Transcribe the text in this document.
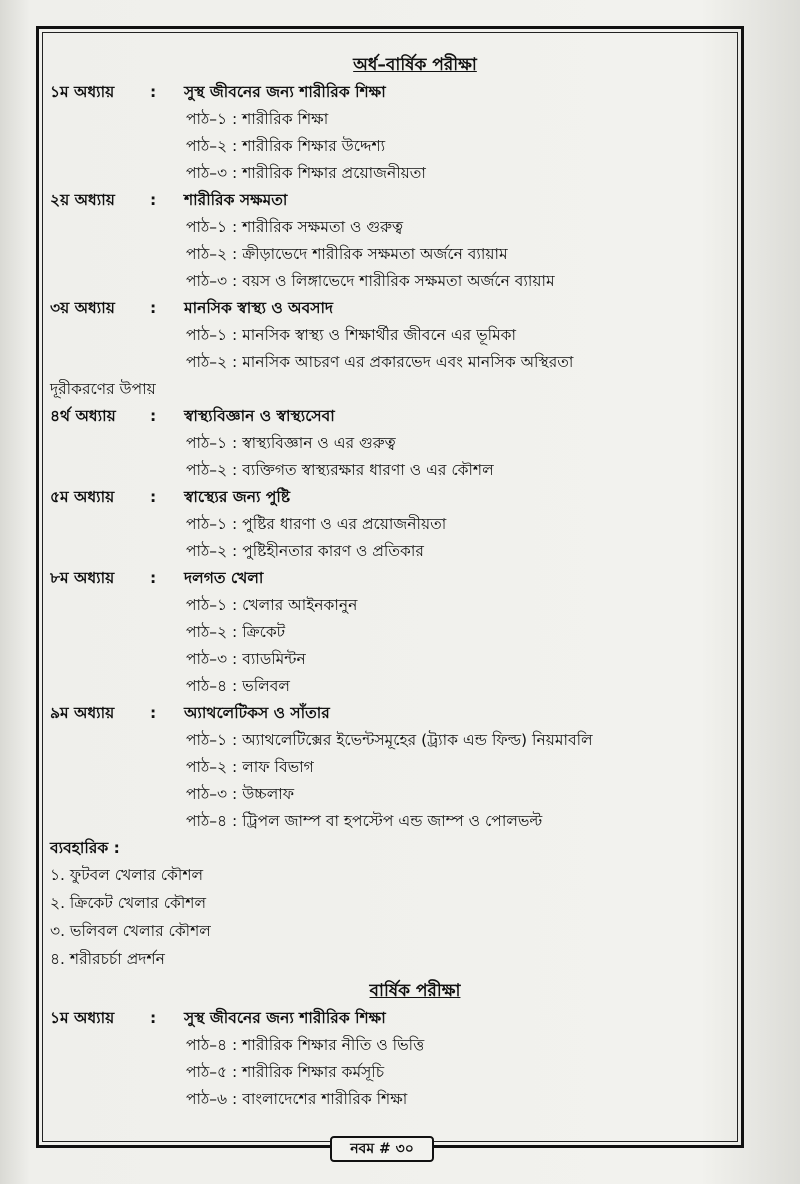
অর্ধ–বার্ষিক পরীক্ষা
১ম অধ্যায়	:	সুস্থ জীবনের জন্য শারীরিক শিক্ষা
পাঠ–১ : শারীরিক শিক্ষা
পাঠ–২ : শারীরিক শিক্ষার উদ্দেশ্য
পাঠ–৩ : শারীরিক শিক্ষার প্রয়োজনীয়তা
২য় অধ্যায়	:	শারীরিক সক্ষমতা
পাঠ–১ : শারীরিক সক্ষমতা ও গুরুত্ব
পাঠ–২ : ক্রীড়াভেদে শারীরিক সক্ষমতা অর্জনে ব্যায়াম
পাঠ–৩ : বয়স ও লিঙ্গাভেদে শারীরিক সক্ষমতা অর্জনে ব্যায়াম
৩য় অধ্যায়	:	মানসিক স্বাস্থ্য ও অবসাদ
পাঠ–১ : মানসিক স্বাস্থ্য ও শিক্ষার্থীর জীবনে এর ভূমিকা
পাঠ–২ : মানসিক আচরণ এর প্রকারভেদ এবং মানসিক অস্থিরতা
দূরীকরণের উপায়
৪র্থ অধ্যায়	:	স্বাস্থ্যবিজ্ঞান ও স্বাস্থ্যসেবা
পাঠ–১ : স্বাস্থ্যবিজ্ঞান ও এর গুরুত্ব
পাঠ–২ : ব্যক্তিগত স্বাস্থ্যরক্ষার ধারণা ও এর কৌশল
৫ম অধ্যায়	:	স্বাস্থ্যের জন্য পুষ্টি
পাঠ–১ : পুষ্টির ধারণা ও এর প্রয়োজনীয়তা
পাঠ–২ : পুষ্টিহীনতার কারণ ও প্রতিকার
৮ম অধ্যায়	:	দলগত খেলা
পাঠ–১ : খেলার আইনকানুন
পাঠ–২ : ক্রিকেট
পাঠ–৩ : ব্যাডমিন্টন
পাঠ–৪ : ভলিবল
৯ম অধ্যায়	:	অ্যাথলেটিকস ও সাঁতার
পাঠ–১ : অ্যাথলেটিক্সের ইভেন্টসমূহের (ট্র্যাক এন্ড ফিল্ড) নিয়মাবলি
পাঠ–২ : লাফ বিভাগ
পাঠ–৩ : উচ্চলাফ
পাঠ–৪ : ট্রিপল জাম্প বা হপস্টেপ এন্ড জাম্প ও পোলভল্ট
ব্যবহারিক :
১. ফুটবল খেলার কৌশল
২. ক্রিকেট খেলার কৌশল
৩. ভলিবল খেলার কৌশল
৪. শরীরচর্চা প্রদর্শন
বার্ষিক পরীক্ষা
১ম অধ্যায়	:	সুস্থ জীবনের জন্য শারীরিক শিক্ষা
পাঠ–৪ : শারীরিক শিক্ষার নীতি ও ভিত্তি
পাঠ–৫ : শারীরিক শিক্ষার কর্মসূচি
পাঠ–৬ : বাংলাদেশের শারীরিক শিক্ষা
নবম # ৩০
